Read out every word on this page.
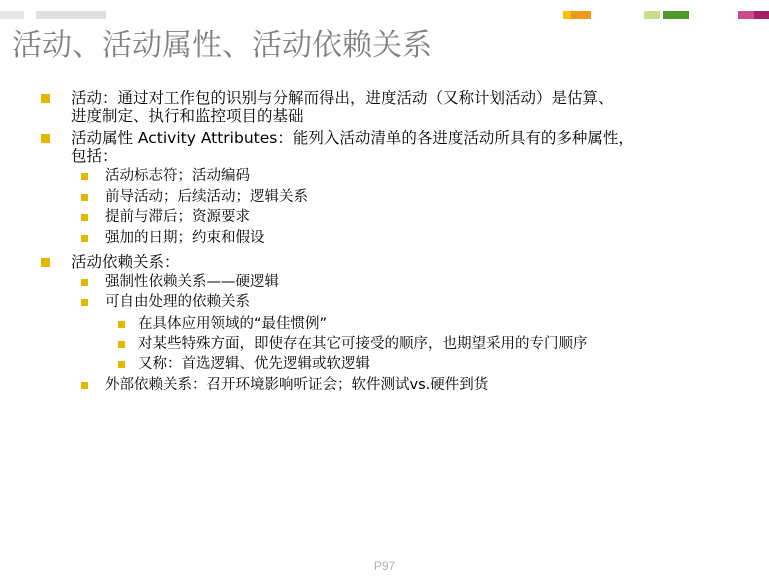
活动、活动属性、活动依赖关系
活动：通过对工作包的识别与分解而得出，进度活动（又称计划活动）是估算、
进度制定、执行和监控项目的基础
活动属性 Activity Attributes：能列入活动清单的各进度活动所具有的多种属性，
包括：
活动标志符；活动编码
前导活动；后续活动；逻辑关系
提前与滞后；资源要求
强加的日期；约束和假设
活动依赖关系：
强制性依赖关系——硬逻辑
可自由处理的依赖关系
在具体应用领域的“最佳惯例”
对某些特殊方面，即使存在其它可接受的顺序，也期望采用的专门顺序
又称：首选逻辑、优先逻辑或软逻辑
外部依赖关系：召开环境影响听证会；软件测试vs.硬件到货
P97
